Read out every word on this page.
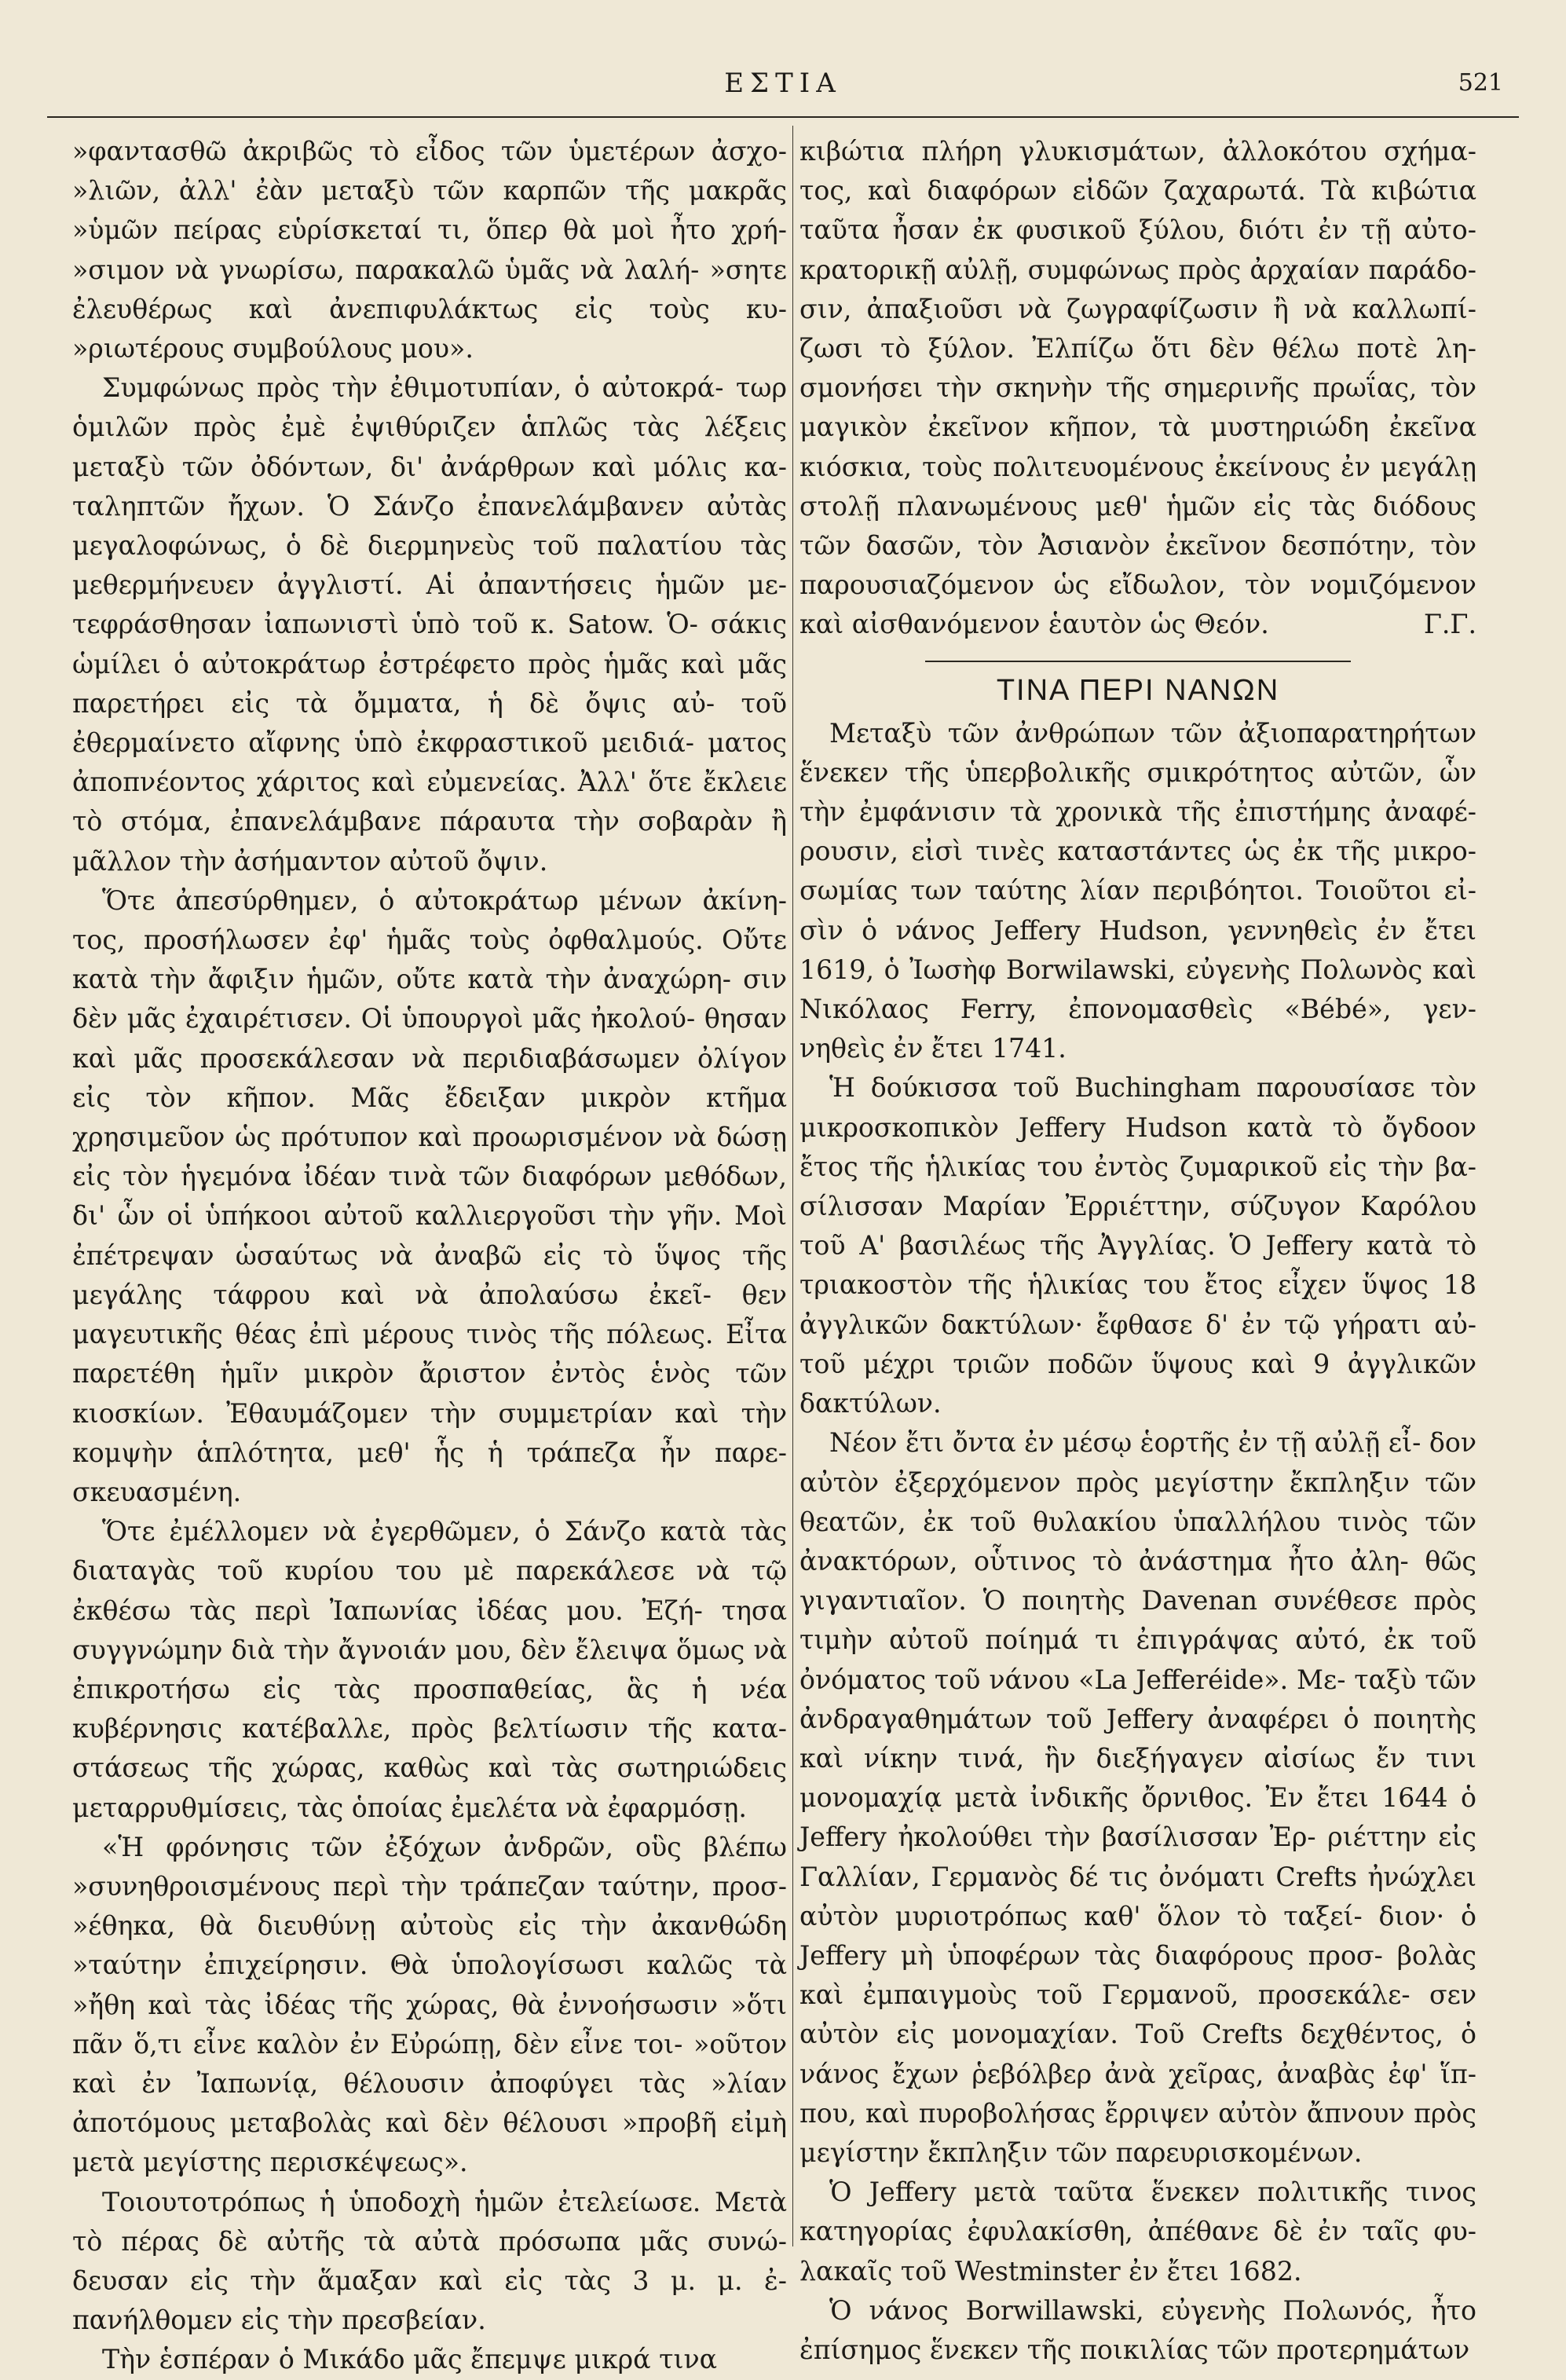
ΕΣΤΙΑ	521

»φαντασθῶ ἀκριβῶς τὸ εἶδος τῶν ὑμετέρων ἀσχο- »λιῶν, ἀλλ' ἐὰν μεταξὺ τῶν καρπῶν τῆς μακρᾶς »ὑμῶν πείρας εὑρίσκεταί τι, ὅπερ θὰ μοὶ ἦτο χρή- »σιμον νὰ γνωρίσω, παρακαλῶ ὑμᾶς νὰ λαλή- »σητε ἐλευθέρως καὶ ἀνεπιφυλάκτως εἰς τοὺς κυ- »ριωτέρους συμβούλους μου».

Συμφώνως πρὸς τὴν ἐθιμοτυπίαν, ὁ αὐτοκρά- τωρ ὁμιλῶν πρὸς ἐμὲ ἐψιθύριζεν ἁπλῶς τὰς λέξεις μεταξὺ τῶν ὀδόντων, δι' ἀνάρθρων καὶ μόλις κα- ταληπτῶν ἤχων. Ὁ Σάνζο ἐπανελάμβανεν αὐτὰς μεγαλοφώνως, ὁ δὲ διερμηνεὺς τοῦ παλατίου τὰς μεθερμήνευεν ἀγγλιστί. Αἱ ἀπαντήσεις ἡμῶν με- τεφράσθησαν ἰαπωνιστὶ ὑπὸ τοῦ κ. Satow. Ὁ- σάκις ὡμίλει ὁ αὐτοκράτωρ ἐστρέφετο πρὸς ἡμᾶς καὶ μᾶς παρετήρει εἰς τὰ ὄμματα, ἡ δὲ ὄψις αὐ- τοῦ ἐθερμαίνετο αἴφνης ὑπὸ ἐκφραστικοῦ μειδιά- ματος ἀποπνέοντος χάριτος καὶ εὐμενείας. Ἀλλ' ὅτε ἔκλειε τὸ στόμα, ἐπανελάμβανε πάραυτα τὴν σοβαρὰν ἢ μᾶλλον τὴν ἀσήμαντον αὐτοῦ ὄψιν.

Ὅτε ἀπεσύρθημεν, ὁ αὐτοκράτωρ μένων ἀκίνη- τος, προσήλωσεν ἐφ' ἡμᾶς τοὺς ὀφθαλμούς. Οὔτε κατὰ τὴν ἄφιξιν ἡμῶν, οὔτε κατὰ τὴν ἀναχώρη- σιν δὲν μᾶς ἐχαιρέτισεν. Οἱ ὑπουργοὶ μᾶς ἠκολού- θησαν καὶ μᾶς προσεκάλεσαν νὰ περιδιαβάσωμεν ὀλίγον εἰς τὸν κῆπον. Μᾶς ἔδειξαν μικρὸν κτῆμα χρησιμεῦον ὡς πρότυπον καὶ προωρισμένον νὰ δώσῃ εἰς τὸν ἡγεμόνα ἰδέαν τινὰ τῶν διαφόρων μεθόδων, δι' ὧν οἱ ὑπήκοοι αὐτοῦ καλλιεργοῦσι τὴν γῆν. Μοὶ ἐπέτρεψαν ὡσαύτως νὰ ἀναβῶ εἰς τὸ ὕψος τῆς μεγάλης τάφρου καὶ νὰ ἀπολαύσω ἐκεῖ- θεν μαγευτικῆς θέας ἐπὶ μέρους τινὸς τῆς πόλεως. Εἶτα παρετέθη ἡμῖν μικρὸν ἄριστον ἐντὸς ἑνὸς τῶν κιοσκίων. Ἐθαυμάζομεν τὴν συμμετρίαν καὶ τὴν κομψὴν ἁπλότητα, μεθ' ἧς ἡ τράπεζα ἦν παρε- σκευασμένη.

Ὅτε ἐμέλλομεν νὰ ἐγερθῶμεν, ὁ Σάνζο κατὰ τὰς διαταγὰς τοῦ κυρίου του μὲ παρεκάλεσε νὰ τῷ ἐκθέσω τὰς περὶ Ἰαπωνίας ἰδέας μου. Ἐζή- τησα συγγνώμην διὰ τὴν ἄγνοιάν μου, δὲν ἔλειψα ὅμως νὰ ἐπικροτήσω εἰς τὰς προσπαθείας, ἃς ἡ νέα κυβέρνησις κατέβαλλε, πρὸς βελτίωσιν τῆς κατα- στάσεως τῆς χώρας, καθὼς καὶ τὰς σωτηριώδεις μεταρρυθμίσεις, τὰς ὁποίας ἐμελέτα νὰ ἐφαρμόσῃ.

«Ἡ φρόνησις τῶν ἐξόχων ἀνδρῶν, οὓς βλέπω »συνηθροισμένους περὶ τὴν τράπεζαν ταύτην, προσ- »έθηκα, θὰ διευθύνῃ αὐτοὺς εἰς τὴν ἀκανθώδη »ταύτην ἐπιχείρησιν. Θὰ ὑπολογίσωσι καλῶς τὰ »ἤθη καὶ τὰς ἰδέας τῆς χώρας, θὰ ἐννοήσωσιν »ὅτι πᾶν ὅ,τι εἶνε καλὸν ἐν Εὐρώπῃ, δὲν εἶνε τοι- »οῦτον καὶ ἐν Ἰαπωνίᾳ, θέλουσιν ἀποφύγει τὰς »λίαν ἀποτόμους μεταβολὰς καὶ δὲν θέλουσι »προβῆ εἰμὴ μετὰ μεγίστης περισκέψεως».

Τοιουτοτρόπως ἡ ὑποδοχὴ ἡμῶν ἐτελείωσε. Μετὰ τὸ πέρας δὲ αὐτῆς τὰ αὐτὰ πρόσωπα μᾶς συνώ- δευσαν εἰς τὴν ἅμαξαν καὶ εἰς τὰς 3 μ. μ. ἐ- πανήλθομεν εἰς τὴν πρεσβείαν.

Τὴν ἑσπέραν ὁ Μικάδο μᾶς ἔπεμψε μικρά τινα

κιβώτια πλήρη γλυκισμάτων, ἀλλοκότου σχήμα- τος, καὶ διαφόρων εἰδῶν ζαχαρωτά. Τὰ κιβώτια ταῦτα ἦσαν ἐκ φυσικοῦ ξύλου, διότι ἐν τῇ αὐτο- κρατορικῇ αὐλῇ, συμφώνως πρὸς ἀρχαίαν παράδο- σιν, ἀπαξιοῦσι νὰ ζωγραφίζωσιν ἢ νὰ καλλωπί- ζωσι τὸ ξύλον. Ἐλπίζω ὅτι δὲν θέλω ποτὲ λη- σμονήσει τὴν σκηνὴν τῆς σημερινῆς πρωΐας, τὸν μαγικὸν ἐκεῖνον κῆπον, τὰ μυστηριώδη ἐκεῖνα κιόσκια, τοὺς πολιτευομένους ἐκείνους ἐν μεγάλῃ στολῇ πλανωμένους μεθ' ἡμῶν εἰς τὰς διόδους τῶν δασῶν, τὸν Ἀσιανὸν ἐκεῖνον δεσπότην, τὸν παρουσιαζόμενον ὡς εἴδωλον, τὸν νομιζόμενον καὶ αἰσθανόμενον ἑαυτὸν ὡς Θεόν.	Γ.Γ.

ΤΙΝΑ ΠΕΡΙ ΝΑΝΩΝ

Μεταξὺ τῶν ἀνθρώπων τῶν ἀξιοπαρατηρήτων ἕνεκεν τῆς ὑπερβολικῆς σμικρότητος αὐτῶν, ὧν τὴν ἐμφάνισιν τὰ χρονικὰ τῆς ἐπιστήμης ἀναφέ- ρουσιν, εἰσὶ τινὲς καταστάντες ὡς ἐκ τῆς μικρο- σωμίας των ταύτης λίαν περιβόητοι. Τοιοῦτοι εἰ- σὶν ὁ νάνος Jeffery Hudson, γεννηθεὶς ἐν ἔτει 1619, ὁ Ἰωσὴφ Borwilawski, εὐγενὴς Πολωνὸς καὶ Νικόλαος Ferry, ἐπονομασθεὶς «Bébé», γεν- νηθεὶς ἐν ἔτει 1741.

Ἡ δούκισσα τοῦ Buchingham παρουσίασε τὸν μικροσκοπικὸν Jeffery Hudson κατὰ τὸ ὄγδοον ἔτος τῆς ἡλικίας του ἐντὸς ζυμαρικοῦ εἰς τὴν βα- σίλισσαν Μαρίαν Ἐρριέττην, σύζυγον Καρόλου τοῦ Α' βασιλέως τῆς Ἀγγλίας. Ὁ Jeffery κατὰ τὸ τριακοστὸν τῆς ἡλικίας του ἔτος εἶχεν ὕψος 18 ἀγγλικῶν δακτύλων· ἔφθασε δ' ἐν τῷ γήρατι αὐ- τοῦ μέχρι τριῶν ποδῶν ὕψους καὶ 9 ἀγγλικῶν δακτύλων.

Νέον ἔτι ὄντα ἐν μέσῳ ἑορτῆς ἐν τῇ αὐλῇ εἶ- δον αὐτὸν ἐξερχόμενον πρὸς μεγίστην ἔκπληξιν τῶν θεατῶν, ἐκ τοῦ θυλακίου ὑπαλλήλου τινὸς τῶν ἀνακτόρων, οὗτινος τὸ ἀνάστημα ἦτο ἀλη- θῶς γιγαντιαῖον. Ὁ ποιητὴς Davenan συνέθεσε πρὸς τιμὴν αὐτοῦ ποίημά τι ἐπιγράψας αὐτό, ἐκ τοῦ ὀνόματος τοῦ νάνου «La Jefferéide». Με- ταξὺ τῶν ἀνδραγαθημάτων τοῦ Jeffery ἀναφέρει ὁ ποιητὴς καὶ νίκην τινά, ἣν διεξήγαγεν αἰσίως ἔν τινι μονομαχίᾳ μετὰ ἰνδικῆς ὄρνιθος. Ἐν ἔτει 1644 ὁ Jeffery ἠκολούθει τὴν βασίλισσαν Ἐρ- ριέττην εἰς Γαλλίαν, Γερμανὸς δέ τις ὀνόματι Crefts ἠνώχλει αὐτὸν μυριοτρόπως καθ' ὅλον τὸ ταξεί- διον· ὁ Jeffery μὴ ὑποφέρων τὰς διαφόρους προσ- βολὰς καὶ ἐμπαιγμοὺς τοῦ Γερμανοῦ, προσεκάλε- σεν αὐτὸν εἰς μονομαχίαν. Τοῦ Crefts δεχθέντος, ὁ νάνος ἔχων ῥεβόλβερ ἀνὰ χεῖρας, ἀναβὰς ἐφ' ἵπ- που, καὶ πυροβολήσας ἔρριψεν αὐτὸν ἄπνουν πρὸς μεγίστην ἔκπληξιν τῶν παρευρισκομένων.

Ὁ Jeffery μετὰ ταῦτα ἕνεκεν πολιτικῆς τινος κατηγορίας ἐφυλακίσθη, ἀπέθανε δὲ ἐν ταῖς φυ- λακαῖς τοῦ Westminster ἐν ἔτει 1682.

Ὁ νάνος Borwillawski, εὐγενὴς Πολωνός, ἦτο ἐπίσημος ἕνεκεν τῆς ποικιλίας τῶν προτερημάτων
